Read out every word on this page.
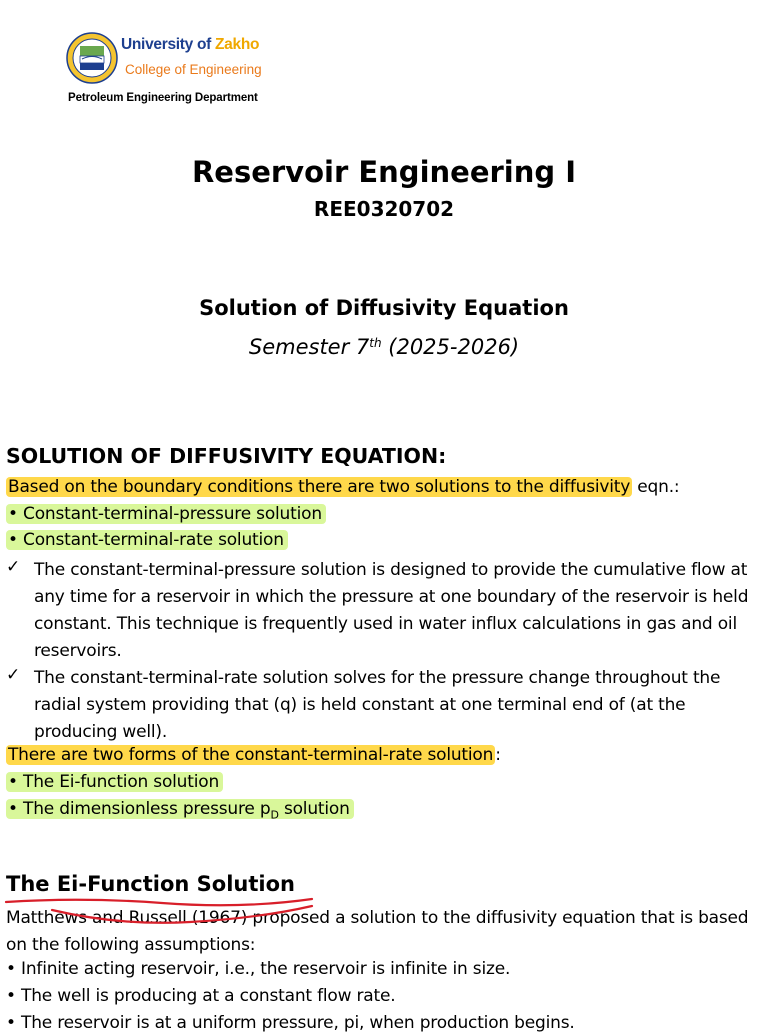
University of Zakho
College of Engineering
Petroleum Engineering Department
Reservoir Engineering I
REE0320702
Solution of Diffusivity Equation
Semester 7th (2025-2026)
SOLUTION OF DIFFUSIVITY EQUATION:
Based on the boundary conditions there are two solutions to the diffusivity eqn.:
• Constant-terminal-pressure solution
• Constant-terminal-rate solution
✓ The constant-terminal-pressure solution is designed to provide the cumulative flow at any time for a reservoir in which the pressure at one boundary of the reservoir is held constant. This technique is frequently used in water influx calculations in gas and oil reservoirs.
✓ The constant-terminal-rate solution solves for the pressure change throughout the radial system providing that (q) is held constant at one terminal end of (at the producing well).
There are two forms of the constant-terminal-rate solution :
• The Ei-function solution
• The dimensionless pressure $p_D$ solution
The Ei-Function Solution
Matthews and Russell (1967) proposed a solution to the diffusivity equation that is based on the following assumptions:
• Infinite acting reservoir, i.e., the reservoir is infinite in size.
• The well is producing at a constant flow rate.
• The reservoir is at a uniform pressure, pi, when production begins.
